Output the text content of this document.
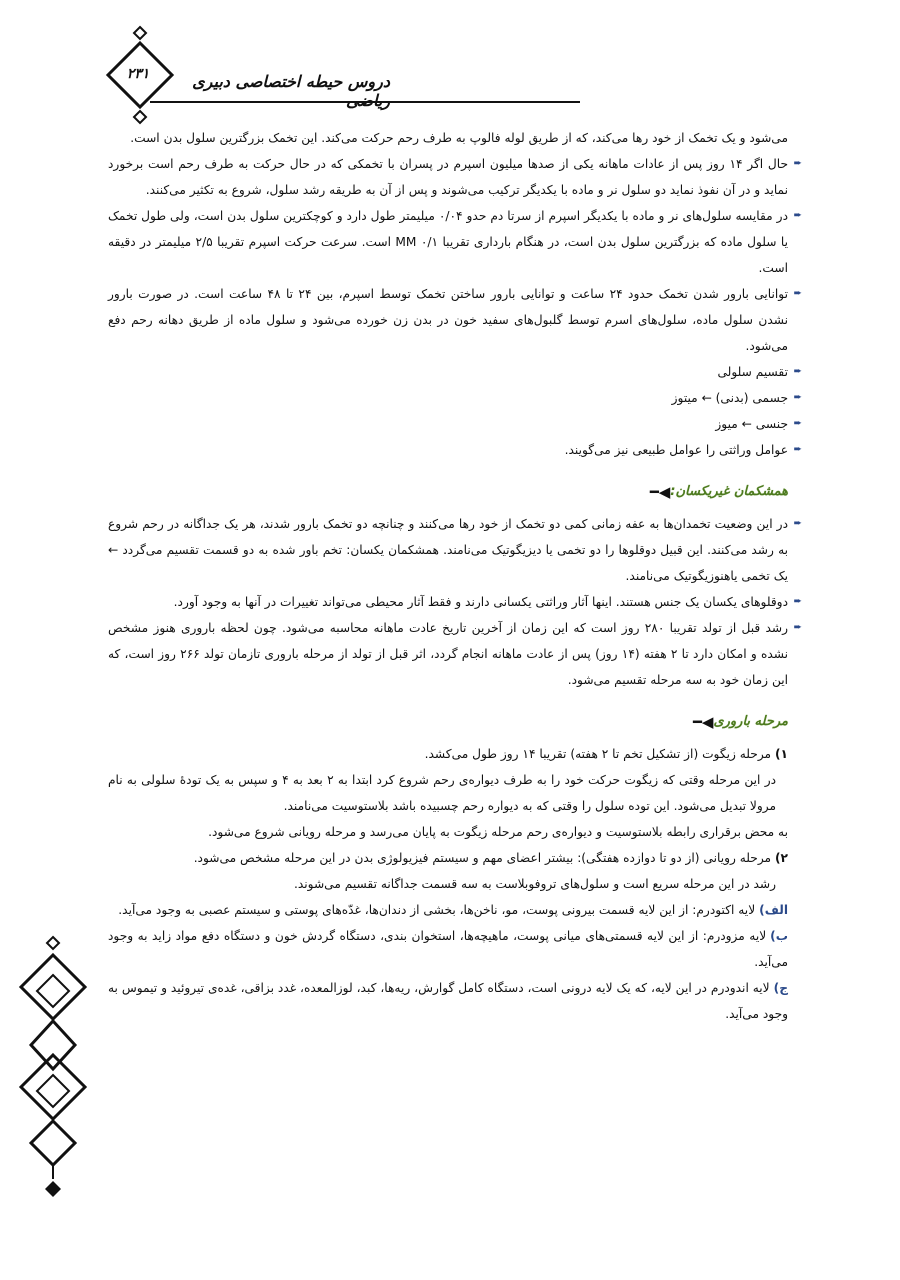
۲۳۱	دروس حیطه اختصاصی دبیری

می‌شود و یک تخمک از خود رها می‌کند، که از طریق لوله فالوپ به طرف رحم حرکت می‌کند. این تخمک بزرگترین سلول بدن است.

➨
حال اگر ۱۴ روز پس از عادات ماهانه یکی از صدها میلیون اسپرم در پسران با تخمکی که در حال حرکت به طرف رحم است برخورد نماید و در آن نفوذ نماید دو سلول نر و ماده با یکدیگر ترکیب می‌شوند و پس از آن به طریقه رشد سلول، شروع به تکثیر می‌کنند.

➨
در مقایسه سلول‌های نر و ماده با یکدیگر اسپرم از سرتا دم حدو ۰/۰۴ میلیمتر طول دارد و کوچکترین سلول بدن است، ولی طول تخمک یا سلول ماده که بزرگترین سلول بدن است، در هنگام بارداری تقریبا MM ۰/۱ است. سرعت حرکت اسپرم تقریبا ۲/۵ میلیمتر در دقیقه است.

➨
توانایی بارور شدن تخمک حدود ۲۴ ساعت و توانایی بارور ساختن تخمک توسط اسپرم، بین ۲۴ تا ۴۸ ساعت است. در صورت بارور نشدن سلول ماده، سلول‌های اسرم توسط گلبول‌های سفید خون در بدن زن خورده می‌شود و سلول ماده از طریق دهانه رحم دفع می‌شود.

➨
تقسیم سلولی

➨
جسمی (بدنی) ← میتوز

➨
جنسی ← میوز

➨
عوامل وراثتی را عوامل طبیعی نیز می‌گویند.

همشکمان غیریکسان:
◀━

➨
در این وضعیت تخمدان‌ها به عفه زمانی کمی دو تخمک از خود رها می‌کنند و چنانچه دو تخمک بارور شدند، هر یک جداگانه در رحم شروع به رشد می‌کنند. این قبیل دوقلوها را دو تخمی یا دیزیگوتیک می‌نامند. همشکمان یکسان: تخم باور شده به دو قسمت تقسیم می‌گردد ← یک تخمی یاهنوزیگوتیک می‌نامند.

➨
دوقلوهای یکسان یک جنس هستند. اینها آثار وراثتی یکسانی دارند و فقط آثار محیطی می‌تواند تغییرات در آنها به وجود آورد.

➨
رشد قبل از تولد تقریبا ۲۸۰ روز است که این زمان از آخرین تاریخ عادت ماهانه محاسبه می‌شود. چون لحظه باروری هنوز مشخص نشده و امکان دارد تا ۲ هفته (۱۴ روز) پس از عادت ماهانه انجام گردد، اثر قبل از تولد از مرحله باروری تازمان تولد ۲۶۶ روز است، که این زمان خود به سه مرحله تقسیم می‌شود.

مرحله باروری
◀━

۱) مرحله زیگوت (از تشکیل تخم تا ۲ هفته) تقریبا ۱۴ روز طول می‌کشد.

در این مرحله وقتی که زیگوت حرکت خود را به طرف دیواره‌ی رحم شروع کرد ابتدا به ۲ بعد به ۴ و سپس به یک تودهٔ سلولی به نام مرولا تبدیل می‌شود. این توده سلول را وقتی که به دیواره رحم چسبیده باشد بلاستوسیت می‌نامند.

به محض برقراری رابطه بلاستوسیت و دیواره‌ی رحم مرحله زیگوت به پایان می‌رسد و مرحله رویانی شروع می‌شود.

۲) مرحله رویانی (از دو تا دوازده هفتگی): بیشتر اعضای مهم و سیستم فیزیولوژی بدن در این مرحله مشخص می‌شود.

رشد در این مرحله سریع است و سلول‌های تروفوبلاست به سه قسمت جداگانه تقسیم می‌شوند.

الف)لایه اکتودرم: از این لایه قسمت بیرونی پوست، مو، ناخن‌ها، بخشی از دندان‌ها، غدّه‌های پوستی و سیستم عصبی به وجود می‌آید.

ب)لایه مزودرم: از این لایه قسمتی‌های میانی پوست، ماهیچه‌ها، استخوان بندی، دستگاه گردش خون و دستگاه دفع مواد زاید به وجود می‌آید.

ج)لایه اندودرم در این لایه، که یک لایه درونی است، دستگاه کامل گوارش، ریه‌ها، کبد، لوزالمعده، غدد بزاقی، غده‌ی تیروئید و تیموس به وجود می‌آید.
